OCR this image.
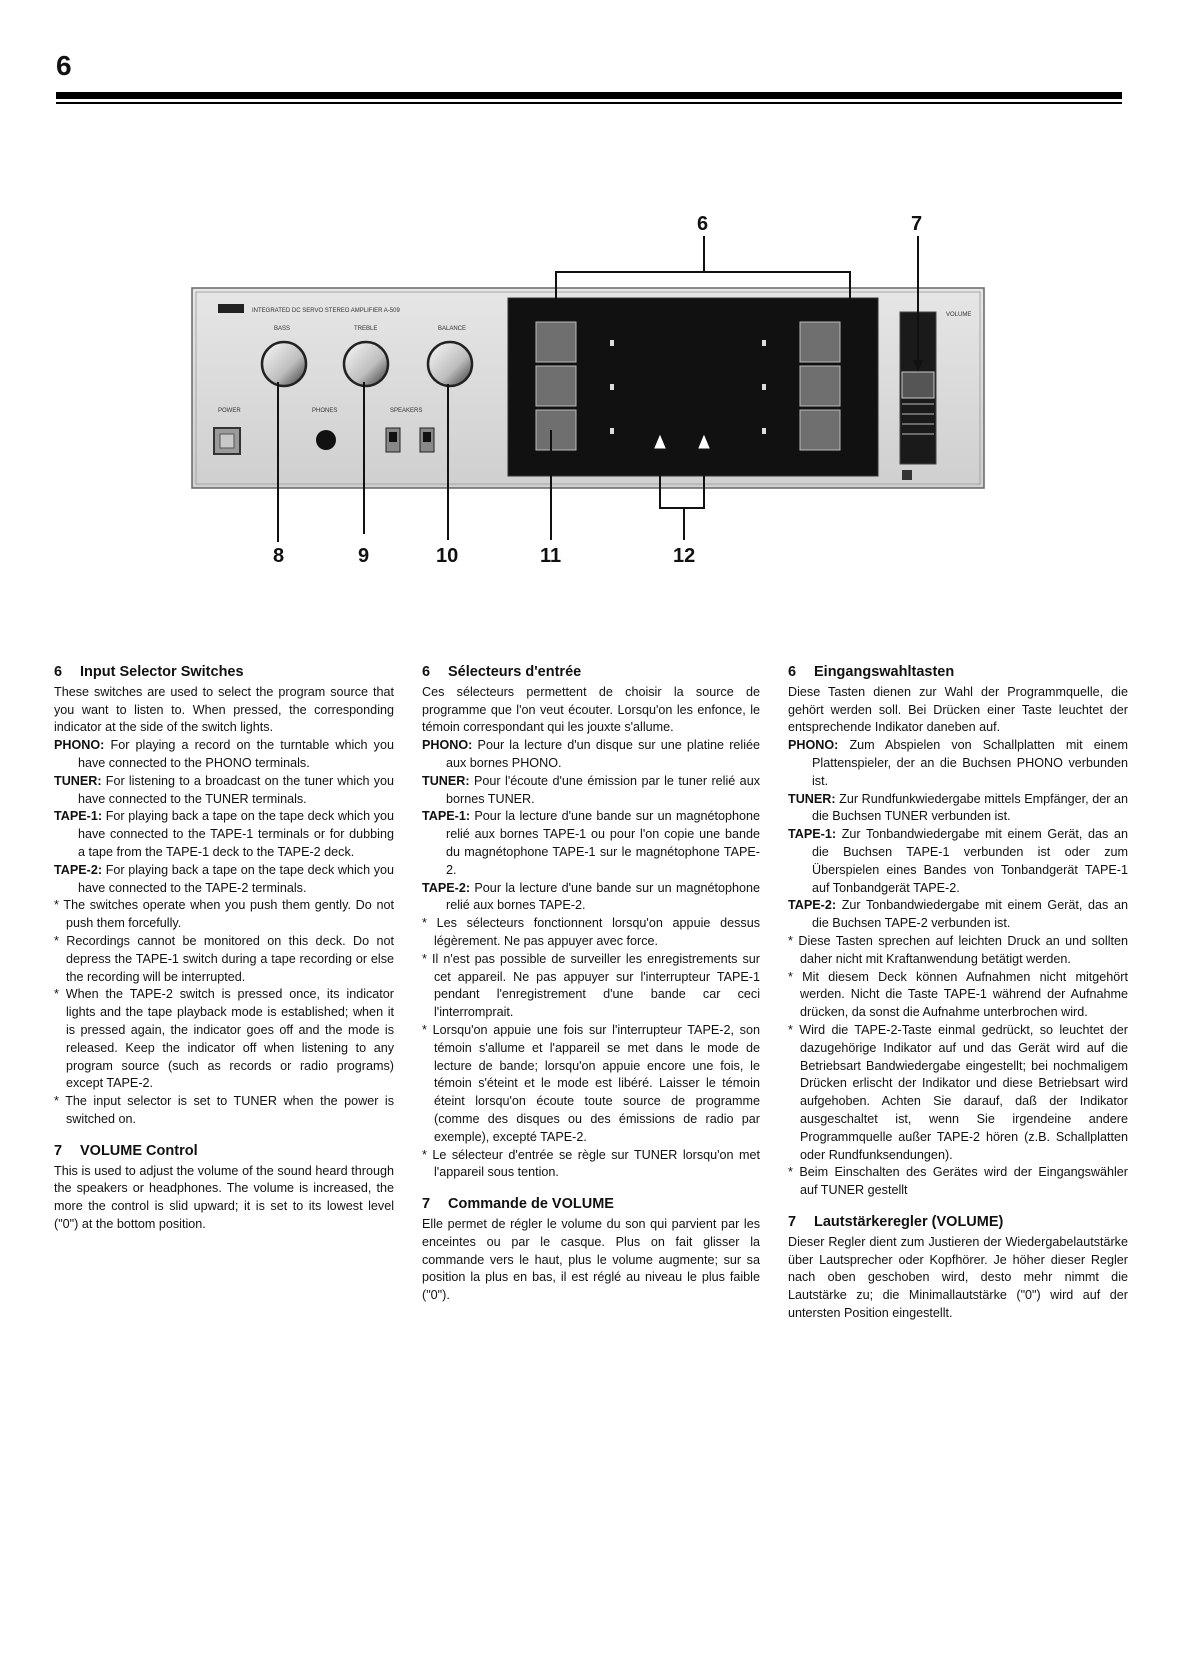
6
INTEGRATED DC SERVO STEREO AMPLIFIER A-509
BASS	TREBLE	BALANCE
POWER	PHONES	SPEAKERS
VOLUME
6	7
8	9	10	11	12
6 Input Selector Switches

These switches are used to select the program source that you want to listen to. When pressed, the corresponding indicator at the side of the switch lights.

PHONO: For playing a record on the turntable which you have connected to the PHONO terminals.

TUNER: For listening to a broadcast on the tuner which you have connected to the TUNER terminals.

TAPE-1: For playing back a tape on the tape deck which you have connected to the TAPE-1 terminals or for dubbing a tape from the TAPE-1 deck to the TAPE-2 deck.

TAPE-2: For playing back a tape on the tape deck which you have connected to the TAPE-2 terminals.

* The switches operate when you push them gently. Do not push them forcefully.

* Recordings cannot be monitored on this deck. Do not depress the TAPE-1 switch during a tape recording or else the recording will be interrupted.

* When the TAPE-2 switch is pressed once, its indicator lights and the tape playback mode is established; when it is pressed again, the indicator goes off and the mode is released. Keep the indicator off when listening to any program source (such as records or radio programs) except TAPE-2.

* The input selector is set to TUNER when the power is switched on.

7 VOLUME Control

This is used to adjust the volume of the sound heard through the speakers or headphones. The volume is increased, the more the control is slid upward; it is set to its lowest level ("0") at the bottom position.

6 Sélecteurs d'entrée

Ces sélecteurs permettent de choisir la source de programme que l'on veut écouter. Lorsqu'on les enfonce, le témoin correspondant qui les jouxte s'allume.

PHONO: Pour la lecture d'un disque sur une platine reliée aux bornes PHONO.

TUNER: Pour l'écoute d'une émission par le tuner relié aux bornes TUNER.

TAPE-1: Pour la lecture d'une bande sur un magnétophone relié aux bornes TAPE-1 ou pour l'on copie une bande du magnétophone TAPE-1 sur le magnétophone TAPE-2.

TAPE-2: Pour la lecture d'une bande sur un magnétophone relié aux bornes TAPE-2.

* Les sélecteurs fonctionnent lorsqu'on appuie dessus légèrement. Ne pas appuyer avec force.

* Il n'est pas possible de surveiller les enregistrements sur cet appareil. Ne pas appuyer sur l'interrupteur TAPE-1 pendant l'enregistrement d'une bande car ceci l'interromprait.

* Lorsqu'on appuie une fois sur l'interrupteur TAPE-2, son témoin s'allume et l'appareil se met dans le mode de lecture de bande; lorsqu'on appuie encore une fois, le témoin s'éteint et le mode est libéré. Laisser le témoin éteint lorsqu'on écoute toute source de programme (comme des disques ou des émissions de radio par exemple), excepté TAPE-2.

* Le sélecteur d'entrée se règle sur TUNER lorsqu'on met l'appareil sous tention.

7 Commande de VOLUME

Elle permet de régler le volume du son qui parvient par les enceintes ou par le casque. Plus on fait glisser la commande vers le haut, plus le volume augmente; sur sa position la plus en bas, il est réglé au niveau le plus faible ("0").

6 Eingangswahltasten

Diese Tasten dienen zur Wahl der Programmquelle, die gehört werden soll. Bei Drücken einer Taste leuchtet der entsprechende Indikator daneben auf.

PHONO: Zum Abspielen von Schallplatten mit einem Plattenspieler, der an die Buchsen PHONO verbunden ist.

TUNER: Zur Rundfunkwiedergabe mittels Empfänger, der an die Buchsen TUNER verbunden ist.

TAPE-1: Zur Tonbandwiedergabe mit einem Gerät, das an die Buchsen TAPE-1 verbunden ist oder zum Überspielen eines Bandes von Tonbandgerät TAPE-1 auf Tonbandgerät TAPE-2.

TAPE-2: Zur Tonbandwiedergabe mit einem Gerät, das an die Buchsen TAPE-2 verbunden ist.

* Diese Tasten sprechen auf leichten Druck an und sollten daher nicht mit Kraftanwendung betätigt werden.

* Mit diesem Deck können Aufnahmen nicht mitgehört werden. Nicht die Taste TAPE-1 während der Aufnahme drücken, da sonst die Aufnahme unterbrochen wird.

* Wird die TAPE-2-Taste einmal gedrückt, so leuchtet der dazugehörige Indikator auf und das Gerät wird auf die Betriebsart Bandwiedergabe eingestellt; bei nochmaligem Drücken erlischt der Indikator und diese Betriebsart wird aufgehoben. Achten Sie darauf, daß der Indikator ausgeschaltet ist, wenn Sie irgendeine andere Programmquelle außer TAPE-2 hören (z.B. Schallplatten oder Rundfunksendungen).

* Beim Einschalten des Gerätes wird der Eingangswähler auf TUNER gestellt

7 Lautstärkeregler (VOLUME)

Dieser Regler dient zum Justieren der Wiedergabelautstärke über Lautsprecher oder Kopfhörer. Je höher dieser Regler nach oben geschoben wird, desto mehr nimmt die Lautstärke zu; die Minimallautstärke ("0") wird auf der untersten Position eingestellt.
